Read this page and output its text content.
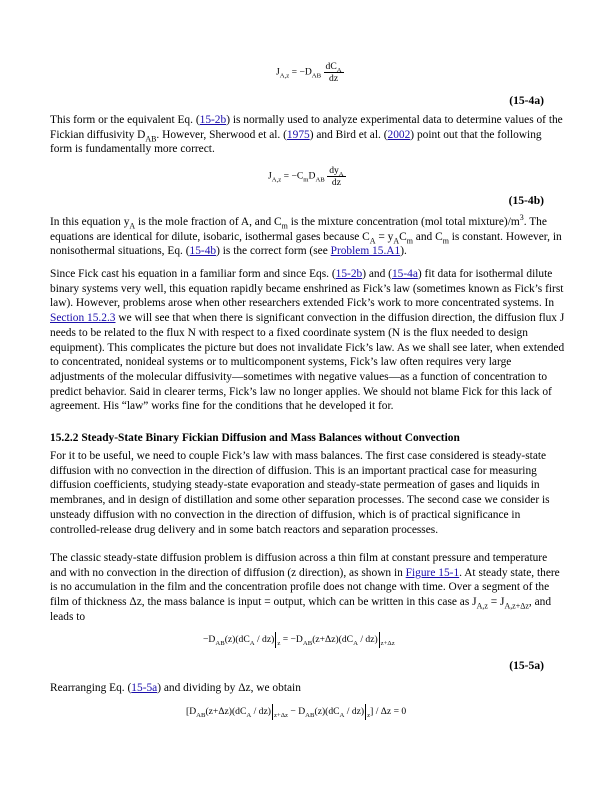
$J_{A,z} = -D_{AB} \frac{dC_A}{dz}$
(15-4a)
This form or the equivalent Eq. (15-2b) is normally used to analyze experimental data to determine values of the Fickian diffusivity $D_{AB}$. However, Sherwood et al. (1975) and Bird et al. (2002) point out that the following form is fundamentally more correct.
$J_{A,z} = -C_mD_{AB} \frac{dy_A}{dz}$
(15-4b)
In this equation $y_A$ is the mole fraction of A, and $C_m$ is the mixture concentration (mol total $mixture)/m^3$. The equations are identical for dilute, isobaric, isothermal gases because $C_A = y_AC_m$ and $C_m$ is constant. However, in nonisothermal situations, Eq. (15-4b) is the correct form (see Problem 15.A1).
Since Fick cast his equation in a familiar form and since Eqs. (15-2b) and (15-4a) fit data for isothermal dilute binary systems very well, this equation rapidly became enshrined as Fick’s law (sometimes known as Fick’s first law). However, problems arose when other researchers extended Fick’s work to more concentrated systems. In Section 15.2.3 we will see that when there is significant convection in the diffusion direction, the diffusion flux J needs to be related to the flux N with respect to a fixed coordinate system (N is the flux needed to design equipment). This complicates the picture but does not invalidate Fick’s law. As we shall see later, when extended to concentrated, nonideal systems or to multicomponent systems, Fick’s law often requires very large adjustments of the molecular diffusivity—sometimes with negative values—as a function of concentration to predict behavior. Said in clearer terms, Fick’s law no longer applies. We should not blame Fick for this lack of agreement. His “law” works fine for the conditions that he developed it for.
15.2.2 Steady-State Binary Fickian Diffusion and Mass Balances without Convection
For it to be useful, we need to couple Fick’s law with mass balances. The first case considered is steady-state diffusion with no convection in the direction of diffusion. This is an important practical case for measuring diffusion coefficients, studying steady-state evaporation and steady-state permeation of gases and liquids in membranes, and in design of distillation and some other separation processes. The second case we consider is unsteady diffusion with no convection in the direction of diffusion, which is of practical significance in controlled-release drug delivery and in some batch reactors and separation processes.
The classic steady-state diffusion problem is diffusion across a thin film at constant pressure and temperature and with no convection in the direction of diffusion (z direction), as shown in Figure 15-1. At steady state, there is no accumulation in the film and the concentration profile does not change with time. Over a segment of the film of thickness Δz, the mass balance is input = output, which can be written in this case as $J_{A,z} = J_{A,z+\Delta z}$, and leads to
$-D_{AB}(z)(dC_A / dz) _z = -D_{AB}(z+\Delta z)(dC_A / dz)$ $_{z+\Delta z}$
(15-5a)
Rearranging Eq. (15-5a) and dividing by Δz, we obtain
[$D_{AB}(z+\Delta z)(dC_A / dz) _{z+\Delta z} - D_{AB}(z)(dC_A / dz)$ $_z$] / Δz = 0
